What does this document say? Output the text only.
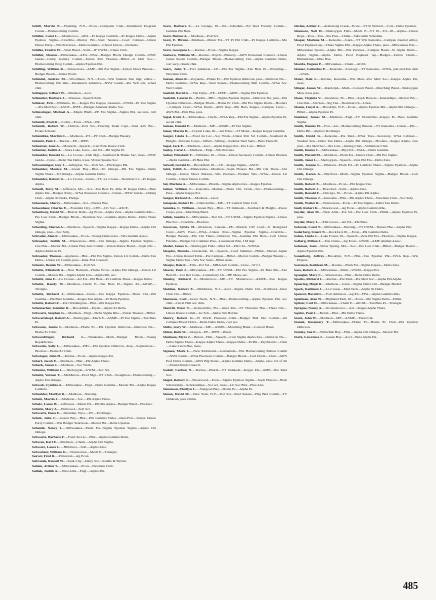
Schiff, Marvin E.—Flushing, N.Y.—Econ—Computer Club—Intramural Program Center—Homecoming Comm.

Schiller, Carol L.—Manitowoc—AEd—Pi Kappa Lambda—Pi Kappa Delta—Alpha Epsilon Sigma—Crucible—Mortar Bd—Stud Senator—Coed Cabinet—Union Dance Party—Wis Previews—Delta Gamma—Choral Union—Orchesis.

Schilke, Fredric H.—West Bend—Soils—IF UWM—Chess Club.

Schiller, Sharon—Milwaukee—AEd—NSA—Badger Block Design Comm—NSW Guide—Camp Gallery Comm—Union Part Hostess—Hillel—Jr Dell Soc—Homecoming Prog Comm—Alpha Epsilon Phi.

Schilling, William R.—Wauwatosa—AMP—Phi Eta Sigma—Union News Bureau—Badger Beach—Junior Prom.

Schindel, Andrew M.—Woodmere, N.Y.—Econ—Wis Student Sun mgr, editor—Homecoming Pm mkt—Intramural Athletics—NSW Guide—Pre Yell sch, sched chm.

Schlapper, Gilbert W.—Madison—Acct.

Schlender, Barbara J.—Wausau—Speech Path.

Schlaser, Eric—Wilmette, Ill.—Kappa Eta Kappa, treasurer—UWM—Pi Tau Sigma—Pre Med Soc—ASCE—IEEE—Badger Amateur Radio Soc.

Schleszinger, Michael A.—Maple Bluff—PE Eta Sigma—Sigma Phi, sec-tres, cult chm.

Schmidt, Fred R.—Colby—Econ—SNA—IM.

Schmidt, Robert W.—Chilton—Poli Sci—Fencing Team Capt—Stud Adv Bd—Evans Scholar.

Schmidtke, Marilyn L.—Madison—PT—PT Club—Badger Beauty.

Schmitt, Paul J.—Barton—EE—IEEE.

Schnetzer, Jean A.—Monarch—Speech—Cert Folk Dance Club.

Schnitter, Judith A.—Stars Lake, Iowa—Art Ed—Phi Sigma Pi.

Schneider, Donald G.—La Crosse—Deb Mgt—Southard & Hanks Sec, treas—NSW Guide—Crew—Delta Tau Delta, treas, Vivian Speaks Soc.

Schwenninger, Guy J.—Arlington, Va.—Poli Sci—Phi Kappa Phi.

Schneider, Monica M.—Green Bay—Hist—Tri Omega—Phi Eta Sigma—Delta Sigma Theta—Tri Omega—Alpha Gamma Delta.

Schneider, Robert G.—La Crosse—Journ—TT, La Crosse—Newman Cr—Pi Kappa Alpha.

Schnell, Terry M.—Jefferson, Mo.—Sci—Tau Beta Pi—Rho Pi Kappa Delta—Beta Alpha Psi—Badger Party—WSA Personal Contact—Union—NSW Guide—Outing Club—Alpha Xi Delta, Pledge.

Schoeneck, Sherry—Milwaukee—Sci—Nurses Hse.

Schoenheer, Charles E.—Fountain City—CEE—Civ Soc—ASCE.

Schonberg, David W.—Beaver Dam—Ag Econ—Alpha Zeta—Alpha Gamma Rho—Pre Law Club—Badger Block—Newman Soc—Gamma Alpha Delta—Delta Theta Sigma.

Schooling, Sharon A.—Madison—Speech—Sigma Kappa—Kappa Delta—Alpha Chi Omega, pres—Soc Stdy.

Schrader, Alan F.—Milwaukee—Econ—Young Democrats—Wis Alumni Assoc.

Schroeder, Judith M.—Wauwatosa—Phil—Chi Omega—Sigma Epsilon Sigma—Crucible—Mortar Bd—Union Fine Arts Comm—Union Dance Board—Soph Ofc—Alpha Omicron Pi.

Schroeder, Thomas—Appleton—Hist—Phi Eta Sigma, Union Lit Comm—Delta Tau Delta—Union Lit Comm, pres—Inter-Frat Council.

Schuetz, Dennis W.—Milwaukee—Poli Sci.

Schultz, Elizabeth A.—New Holstein—Home Econ—Alpha Phi Omega—Union Lit Comm—Mortar Bd—Sigma Alpha Iota—Alpha Phi, sec.

Schultz, Jane F.—La Crosse—Art Ed—Phi Beta—Pi Lambda Theta—Kappa Delta.

Schultz, Randy W.—Madison—Chem E—Tau Beta Pi—Sigma Xi—AIChE—Triangle.

Schultz, Richard J.—Milwaukee—Journ—Tau Kappa Epsilon—Theta Chi—Phi Gamma—Phi Beta Gamma—Kappa Tau Alpha—Pi Delta Epsilon.

Schultz, Robert F.—Port Washington—Hist—Phi Kappa Psi.

Schumacher, Jennifer D.—Brookfield—Psych—Alpha Xi Delta.

Schwartz, Stephen G.—Madison—Engl—Delta Sigma Rho—Union Theater—Hillel.

Schwartzkopf, Robert A.—Sheboygan—Mech E—ASME—Pi Tau Sigma—Tau Beta Pi.

Schwenn, Janice I.—Madison—Home Ec—Phi Upsilon Omicron—Omicron Nu—Home Ec Club.

Schwerdtfeger, Richard L.—Waukesha—Math—Badger Block—Young Republicans.

Schwerin, Sally L.—Milwaukee—HEc—Phi Upsilon Omicron, chap—Sophomore—Hoofers—Home Ec Club.

Schwieger, John H.—Racine—Econ—Alpha Kappa Psi.

Scharf, Jacob E.—Madison—Hist—Phi Alpha Theta.

Schuck, Susan J.—Madison—Soc Work.

Schuette, William L.—Sheboygan—UWM—Soc Sci.

Schultz, Vernon T.—Middleton—Prod Mgt—PT Club—Stoughton—Homecoming—Alpha Tau Omega.

Schwab, Cynthia A.—Milwaukee—Engl—Delta Gamma—Mortar Bd—Alpha Kappa Lambda.

Schneider, Marilyn R.—Madison—Nursing.

Schulz, Martin J.—Madison—Soc—Phi Alpha Theta.

Scholz, Lance H.—Jefferson—Music Ed—Phi Mu Alpha—Badger Band—Hoofers.

Schultz, Mary A.—Elmwood—Soil Sci.

Schwartz, Dena E.—Sheridan, Wyo.—PT—Pi Omega.

Schuh, John C.—Green Bay—Hist—Phi Gamma Delta—Inter-Frat—Union Dance Party Comm—Wis Badger Yearbook—Mortar Bd—Delta Upsilon.

Schmidt, Nancy L.—Milwaukee—Elem Ed—Sigma Epsilon Sigma—Alpha Chi Omega.

Schwartz, Barbara F.—Fond du Lac—Hist—Alpha Gamma Delta.

Schwan, Karl E.—Madison—Chem—Alpha Chi Sigma.

Schwarz, Lance L.—Hillsboro—Soil—Alpha Zeta.

Schweitzer, William K.—Wauwatosa—Mech E—Triangle.

Seaver, Fred R.—Princeton—Ag Econ.

Sebranek, Russell W.—Sauk City—Dairy Sci—Saddle & Sirloin.

Sedam, Arthur S.—Milwaukee—Econ—Newman Club.

Sedlak, Judith A.—West Allis—Engl—Alpha Phi.

Scott, Barbara C.—La Grange, Ill.—Ed—Schedule—Ed Stud Faculty Comm—Gamma Phi Beta.

Scott, Burton A.—Madison—Poli Sci.

Scott, E. Hirum—Madison—Music Ed—TT Pi Phi Club—Pi Kappa Lambda—Mu Phi Epsilon.

Scott, Georgene L.—Racine—Econ—Sigma Kappa.

Seaborn, William M.—Racine—Psych—Busway—AWS Personnel Contact—Union Game Room Comm—Badger Block—Homecoming Chr—Alpha Gamma Delta, corr secy, rituals chm.

Sears, John T.—Fort Atkinson—CE—Phi Eta Sigma—Tau Beta Pi—Wrestling—Newman Club.

Seaton, Alton R.—Poynette—Home Ec—Phi Upsilon Omicron, pres—Omicron Nu—Delta Gamma—WSA Rep—Stud Senate—Homecoming Ball Comm—WSA Soc Wel Comm.

Seefeld, David G.—Van Dyne—EE—IEEE—AIEE—Sigma Phi Epsilon.

Seefeldt, Lauren D.—Berlin—HEc—Sigma Epsilon Sigma—Omicron Nu, pres—Phi Upsilon Omicron—Badger Block—Home Ec Club—Phi Eta Sigma Dorm—Hoofers—Campus Crew—WSA Dorm—AWS Rep—Phi Beta Kappa—Campus Crew—AWS Bd—Elm Hse, pres.

Segal, Irwin J.—Milwaukee—Chem—WSA Rep—Phi Eta Sigma—Alpha Epsilon Pi, social chm.

Seman, Donald E.—Madison—ME—ASME—Pi Tau Sigma.

Seuer, Marcia R.—Crystal Lake, Ill.—Art Educ—TT Mana—Kappa Kappa Gamma.

Seeger, Linda L.—Fond du Lac—Soc Work—Union Poli Sci Comm—Southard & Haight—Prevent Corps—Sifted—Sifting—Sadebar Stud Sens—Beta Theta Pi.

Segel, Jack E.—Madison—Acct—Alpha Kappa Psi—Pre Law—Hillel.

Seeley, Carol J.—Madison—Engl—Wis Prevues.

Seiber, Elizabeth T.—Wilmette, Ill.—Nurs—Union Secretary Comm—Union Hostess—Delta Gamma—Pi Beta Phi.

Seiwell, Gerald D.—Brookfield, Ill.—CE—Kappa Sigma—ASCE.

Seitz, Edith A.—Minnetonka—Madison—Soph Honors Bd—Phi Chi Theta—Chi Omega—Union News Bureau—Wis Prevues—Women Wis—WSA—Union Lit Comm—Union Dance Comm.

Sel, Marlene A.—Milwaukee—Pharm—Sigma Alpha Iota—Kappa Epsilon.

Selner, William C.—Kenosha—Market—Theta Chi, Clark—Sec—Homecoming—Pres—Alpha Kappa Psi.

Senger, Richard A.—Madison—Geol.

Senopole, Robert H.—Clintonville—ME—TT Central State Cell.

Sennika, C. William—Green Bay—Hist—TT Oshkosh—Southard & Haight—Peace Corps, pres—Marching Band.

Sellek, Sandra J.—Milwaukee—Nat Sci—TT UWM—Sigma Epsilon Sigma—Union Hse Soc—Crucible—Hoofers.

Severson, Sylvia H.—Montreal, Canada—PE—Mesick UW Conf—Jr Delegated Conv—AWS Exec—WSA—Union Pres—Sigma Epsilon Sigma—Crucible—Badger Beauty—Phi Chi Theta—Omicron Nu—Gamma Phi Beta—Coll Union Friends—Badger Lit Commer Pres—Lieutenant Edu, I M mgr.

Shafer, James S.—Sheboygan Falls—Med Sci—Phi Chi—WISSA.

Shapiro, Brenda—Oceanside, Ill.—Speech—Conf Summer—Hillel—Nurses Alpha Eta—Union Round Table—Pre Campus—Hillel—Mortar Comm—Badger Beauty—Sigma Delta Tau—Wis Soc Stud—Hillel Assn.

Sharpe, Dale F.—Elm—Pol Sci—MBA Arb Comm—Crew—W Cl.

Shaver, Paul J.—Milwaukee—EE—TT UWM—Phi Eta Sigma—Pi Beta Phi—Tau Beta Pi—Cer Rel Conn—Canterbury Ch—HE Mesa, sec.

Sheeley, Richard J.—Manitowoc—ME—TT Manitowoc—ASME—Tau Kappa Epsilon.

Sheldon, Robert E.—Middleton, N.J.—Acct—Sigma Delta Chi—Scabbard—Inter Club Chr—Hillel.

Sherman, Carl—Great Neck, N.Y.—Hist—Homecoming—Alpha Epsilon Phi, soc chm—Circel Hall soc chm.

Sherrill, Peter T.—Jacksonville, Fla.—Intel Rel—TT Thwaites Hse—Theta Chi—Union Dance Comm—Gr Sch—Junior Sm Holder.

Sherry, Robert G.—Ft Worth Pleasant—Chm—Badger Ball Dec Comm—All Campus Blood Drive—Delta Delta Delta, corr sec.

Shifts, Gary W.—Madison—ME—ASME—Marching Band—Concert Band.

Shinn, Ruth W.—Oregon—EE—IEEE—Band.

Shulman, Myra J.—Beloit—Hist—Speech—Curr Sigma Alpha Iota—Omicron Nu—Delta Sigma Theta—Kappa Alpha Theta—Kappa Delta—Pi Phi—Psychiatric—Chm—Lake Lawn Hse, treas.

Sigman, Mark L.—New Richmond—Journalism—Wis Homecoming Button Comm—NSW Guide—WSA Elections Comm—Badger Block—Curl Dorm—Club—AWS Prof Drive Comm—AWS Big Sister—Alpha Gamma Delta—Alpha, exec. bd of dir—Sistern Rush Council.

Sodolf, Carlton N.—Racine—Pharm—TT Oshkosh—Kappa Psi—AME—Pre Med Soc.

Siegel, Robert J.—Shorewood—Econ—Sigma Epsilon Sigma—Soph Honors—Both Scholarship—Scholarships—Soc sci, treas—Lit Soc Brd—Fine Arts.

Simonson, Marilyn L.—Sturgeon Bay—Home Ec—Alpha Pi.

Simon, David M.—New York, N.Y.—Pol Sci—Stud Senate—Hsg Bnd Comm—TT Oshkosh, pres Chmn.

Sitzlau, Arthur J.—Armstrong Creek—Econ—TT St Norbert—Coll—Delta Upsilon.

Sizemore, Neil H.—Sheboygan Falls—Mech E—TT Pi—Tri—Pi—Alpha—Union Reps—Pros—Tau—Stu Pres—Chmn—Subcomm Schedule.

Skaper, Marlene M.—Kenosha—Journ—TT Wis Kenosha—Campus Journal editor, Prod Paphead rep—Theta Sigma Phi—Kappa Alpha Theta, pres—Milwaukee Eds—Milwaukee Sports—Alpha Phi—Wis Prevues—Campus Band—Sr Alpha Delta—Alpha Sigma—Alpha Delta, Prod Paphead rep—Badger—Union Chem—Heinemann—Ohio Hse.

Skarda, Eugene P.—Milwaukee—Chem—AChS.

Slamar, Catherine E.—Kenosha—Zoology—TT Kenosha—WWA, pub and Pan chm—UWA.

Slater, Dale L.—Racine, Kenosha—Wis Men—Pre Med Soc—Kappa Alpha Psi, treas.

Slinger, James W.—Randolph—Math—Concert Band—Marching Band—Sheboygan Men, treas pres.

Sloan, Virginia V.—Glenview, Ill.—Hist—Soph Honors—Internships—Mortar Bd—Crucible—Stu Sen—Sig Tau—Newman Ch—UAA.

Sloane, Lloyd A.—Brooklyn, N.Y.—Econ—Alpha Epsilon Phi—Alpha Phi Omega—Hillel—Alpha Epsilon Pi.

Smeltzer, James M.—Madison—Engl—TT Platteville—Kappa Pi—Beta Gamma Sigma.

Smith, Bonnie H.—Fox—Art—Homecoming Bureau—TT Kenosha—Union—Phi—Delta Phi—Alpha Chi Omega.

Smith, David G.—Kenosha—Pre Med—WSA Trea—Secretary, WSA Cabinet—Student Sen—Delta Tau Delta—Alpha Phi Omega—Hoofers—Kappa Alpha, vice pres—Pre Med Soc—Pre Law—Outing Club—Vallamont Club.

Smith, Donna J.—Milwaukee—Phys Ed—WAA—Delta Gamma.

Smith, Harold M.—Madison—Elem Ed—Dance Club—Phi Eta Sigma.

Smith, Janet L.—Sheboygan—Speech—Zeta Phi Eta—Delta Zeta.

Smith, Jeanne L.—Elkhorn—Elem Ed—Pi Lambda Theta—Sigma Epsilon—Alpha Chi Omega.

Smith, Karen A.—Hartford—Math—Sigma Epsilon Sigma—Badger Block—Cert Chi Omega.

Smith, Robert E.—Madison—Econ—Phi Kappa Tau.

Smith, Robert J.—Boscobel—Soils—Alpha Zeta.

Smith, Ronald F.—Chicago, Ill.—Econ—Alpha Phi Alpha.

Smith, Thomas J.—Kenosha—Hist—Phi Alpha Theta—Newman Club—Soc Stdy.

Smith, Walter R.—Wauwatosa—Econ—Pi Tau Sigma—Delta Tau Delta.

Snell, Robert K.—Shorewood—Ag Econ—Alpha Gamma Rho.

Snyder, Alan M.—West Allis—Pol Sci—Pre Law Club—Hillel—Alpha Epsilon Pi, pres.

Snyder, Mary L.—Elm Grove—Art Ed—Phi Beta.

Sobczak, Carol T.—Milwaukee—Nursing—TT UWM—Nurses Hse—Alpha Phi.

Soderberg, Stuart N.—Rockford, Ill.—Econ—Phi Gamma Delta.

Sohns, Linda J.—Lake Forest, Ill.—Speech—Zeta Phi Eta—Hoofers—Sigma Kappa.

Solberg, Milton J.—Eau Claire—Ag Econ—UWM—AME Alumni Assoc.

Solomon, Joan—Silver Spring, Md.—Soc—Pre Law Club—Hillel—Badger Board—Alpha Epsilon Phi.

Sonenberg, Jeffrey—Brooklyn, N.Y.—Hist—Tau Epsilon Phi—WSA Rep—Wis Players.

Sorensen, Kathleen M.—Racine—Elem Ed—Sigma Kappa—Delta Zeta.

Sosa, Robert A.—Milwaukee—Math—UWM—Kappa Psi.

Spangler, Mary C.—Wauwatosa—Hist—Delta Delta Delta.

Sparks, Richard L.—Racine—Pre Med—Pre Med Soc—Alpha Phi Alpha.

Spearing, Hugh D.—Madison—Journ—Sigma Delta Chi—Badger Herald.

Speck, Kathleen J.—La Crosse—Med Tech—Alpha Xi Delta.

Spencer, Harold L.—Fort Atkinson—Ag Ed—FFA—Alpha Gamma Rho.

Spielman, Alan W.—Highland Park, Ill.—Econ—Phi Sigma Delta—Hillel.

Spitzer, Carl D.—Milwaukee—Chem E—AIChE—Tau Beta Pi—Triangle.

Sprague, Nancy A.—Oconomowoc—Art—Kappa Alpha Theta.

Squire, Paul J.—Beloit—Hist—Phi Delta Theta.

Stack, John W.—Madison—ME—ASME—Theta Chi.

Stanek, Rosemary T.—Milwaukee—Home Ec—Home Ec Club—Phi Upsilon Omicron.

Stanley, Sue E.—Whitefish Bay—Hist—Alpha Chi Omega—Mortar Bd.

Stark, Lawrence J.—Green Bay—Acct—Beta Alpha Psi.

485
